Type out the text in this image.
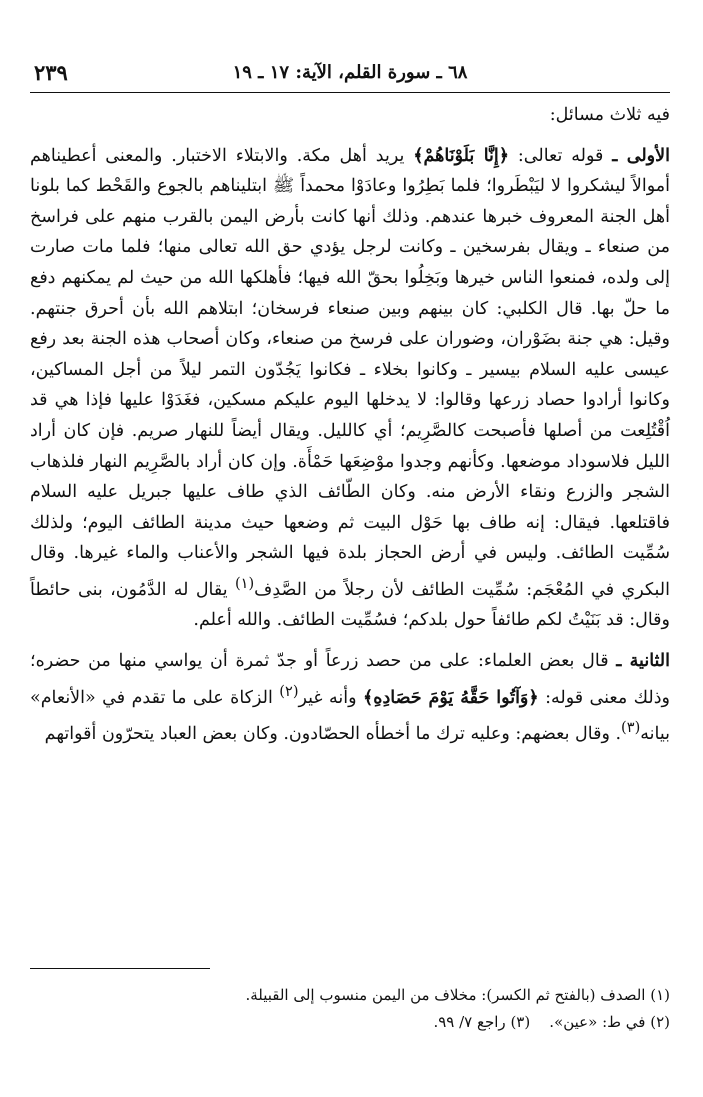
٦٨ ـ سورة القلم، الآية: ١٧ ـ ١٩
٢٣٩

فيه ثلاث مسائل:

الأولى ـ قوله تعالى: ﴿إِنَّا بَلَوْنَاهُمْ﴾ يريد أهل مكة. والابتلاء الاختبار. والمعنى أعطيناهم أموالاً ليشكروا لا ليَبْطَروا؛ فلما بَطِرُوا وعادَوْا محمداً ﷺ ابتليناهم بالجوع والقَحْط كما بلونا أهل الجنة المعروف خبرها عندهم. وذلك أنها كانت بأرض اليمن بالقرب منهم على فراسخ من صنعاء ـ ويقال بفرسخين ـ وكانت لرجل يؤدي حق الله تعالى منها؛ فلما مات صارت إلى ولده، فمنعوا الناس خيرها وبَخِلُوا بحقّ الله فيها؛ فأهلكها الله من حيث لم يمكنهم دفع ما حلّ بها. قال الكلبي: كان بينهم وبين صنعاء فرسخان؛ ابتلاهم الله بأن أحرق جنتهم. وقيل: هي جنة بضَوْران، وضوران على فرسخ من صنعاء، وكان أصحاب هذه الجنة بعد رفع عيسى عليه السلام بيسير ـ وكانوا بخلاء ـ فكانوا يَجُدّون التمر ليلاً من أجل المساكين، وكانوا أرادوا حصاد زرعها وقالوا: لا يدخلها اليوم عليكم مسكين، فغَدَوْا عليها فإذا هي قد اُقْتُلِعت من أصلها فأصبحت كالصَّرِيم؛ أي كالليل. ويقال أيضاً للنهار صريم. فإن كان أراد الليل فلاسوداد موضعها. وكأنهم وجدوا موْضِعَها حَمْأَة. وإن كان أراد بالصَّرِيم النهار فلذهاب الشجر والزرع ونقاء الأرض منه. وكان الطّائف الذي طاف عليها جبريل عليه السلام فاقتلعها. فيقال: إنه طاف بها حَوْل البيت ثم وضعها حيث مدينة الطائف اليوم؛ ولذلك سُمِّيت الطائف. وليس في أرض الحجاز بلدة فيها الشجر والأعناب والماء غيرها. وقال البكري في المُعْجَم: سُمِّيت الطائف لأن رجلاً من الصَّدِف$^{(١)}$ يقال له الدَّمُون، بنى حائطاً وقال: قد بَنَيْتُ لكم طائفاً حول بلدكم؛ فسُمِّيت الطائف. والله أعلم.

الثانية ـ قال بعض العلماء: على من حصد زرعاً أو جدّ ثمرة أن يواسي منها من حضره؛ وذلك معنى قوله: ﴿وَآتُوا حَقَّهُ يَوْمَ حَصَادِهِ﴾ وأنه غير$^{(٢)}$ الزكاة على ما تقدم في «الأنعام» بيانه$^{(٣)}$. وقال بعضهم: وعليه ترك ما أخطأه الحصّادون. وكان بعض العباد يتحرّون أقواتهم

(١) الصدف (بالفتح ثم الكسر): مخلاف من اليمن منسوب إلى القبيلة.

(٢) في ط: «عين».    (٣) راجع ٧/ ٩٩.
